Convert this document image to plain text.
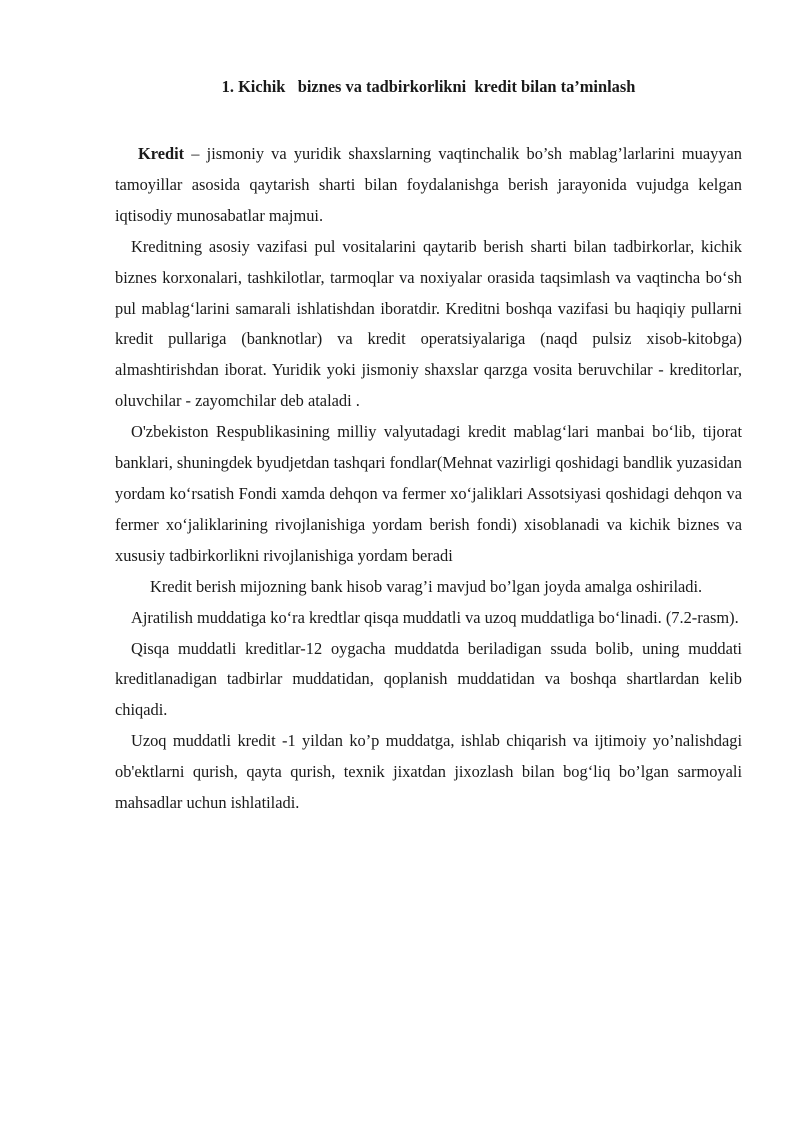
1. Kichik   biznes va tadbirkorlikni  kredit bilan ta’minlash

Kredit – jismoniy va yuridik shaxslarning vaqtinchalik bo’sh mablag’larlarini muayyan tamoyillar asosida qaytarish sharti bilan foydalanishga berish jarayonida vujudga kelgan iqtisodiy munosabatlar majmui.

Kreditning asosiy vazifasi pul vositalarini qaytarib berish sharti bilan tadbirkorlar, kichik biznes korxonalari, tashkilotlar, tarmoqlar va noxiyalar orasida taqsimlash va vaqtincha bo‘sh pul mablag‘larini samarali ishlatishdan iboratdir. Kreditni boshqa vazifasi bu haqiqiy pullarni kredit pullariga (banknotlar) va kredit operatsiyalariga (naqd pulsiz xisob-kitobga) almashtirishdan iborat. Yuridik yoki jismoniy shaxslar qarzga vosita beruvchilar - kreditorlar, oluvchilar - zayomchilar deb ataladi .

O'zbekiston Respublikasining milliy valyutadagi kredit mablag‘lari manbai bo‘lib, tijorat banklari, shuningdek byudjetdan tashqari fondlar(Mehnat vazirligi qoshidagi bandlik yuzasidan yordam ko‘rsatish Fondi xamda dehqon va fermer xo‘jaliklari Assotsiyasi qoshidagi dehqon va fermer xo‘jaliklarining rivojlanishiga yordam berish fondi) xisoblanadi va kichik biznes va xususiy tadbirkorlikni rivojlanishiga yordam beradi

Kredit berish mijozning bank hisob varag’i mavjud bo’lgan joyda amalga oshiriladi.

Ajratilish muddatiga ko‘ra kredtlar qisqa muddatli va uzoq muddatliga bo‘linadi. (7.2-rasm).

Qisqa muddatli kreditlar-12 oygacha muddatda beriladigan ssuda bolib, uning muddati kreditlanadigan tadbirlar muddatidan, qoplanish muddatidan va boshqa shartlardan kelib chiqadi.

Uzoq muddatli kredit -1 yildan ko’p muddatga, ishlab chiqarish va ijtimoiy yo’nalishdagi ob'ektlarni qurish, qayta qurish, texnik jixatdan jixozlash bilan bog‘liq bo’lgan sarmoyali mahsadlar uchun ishlatiladi.
